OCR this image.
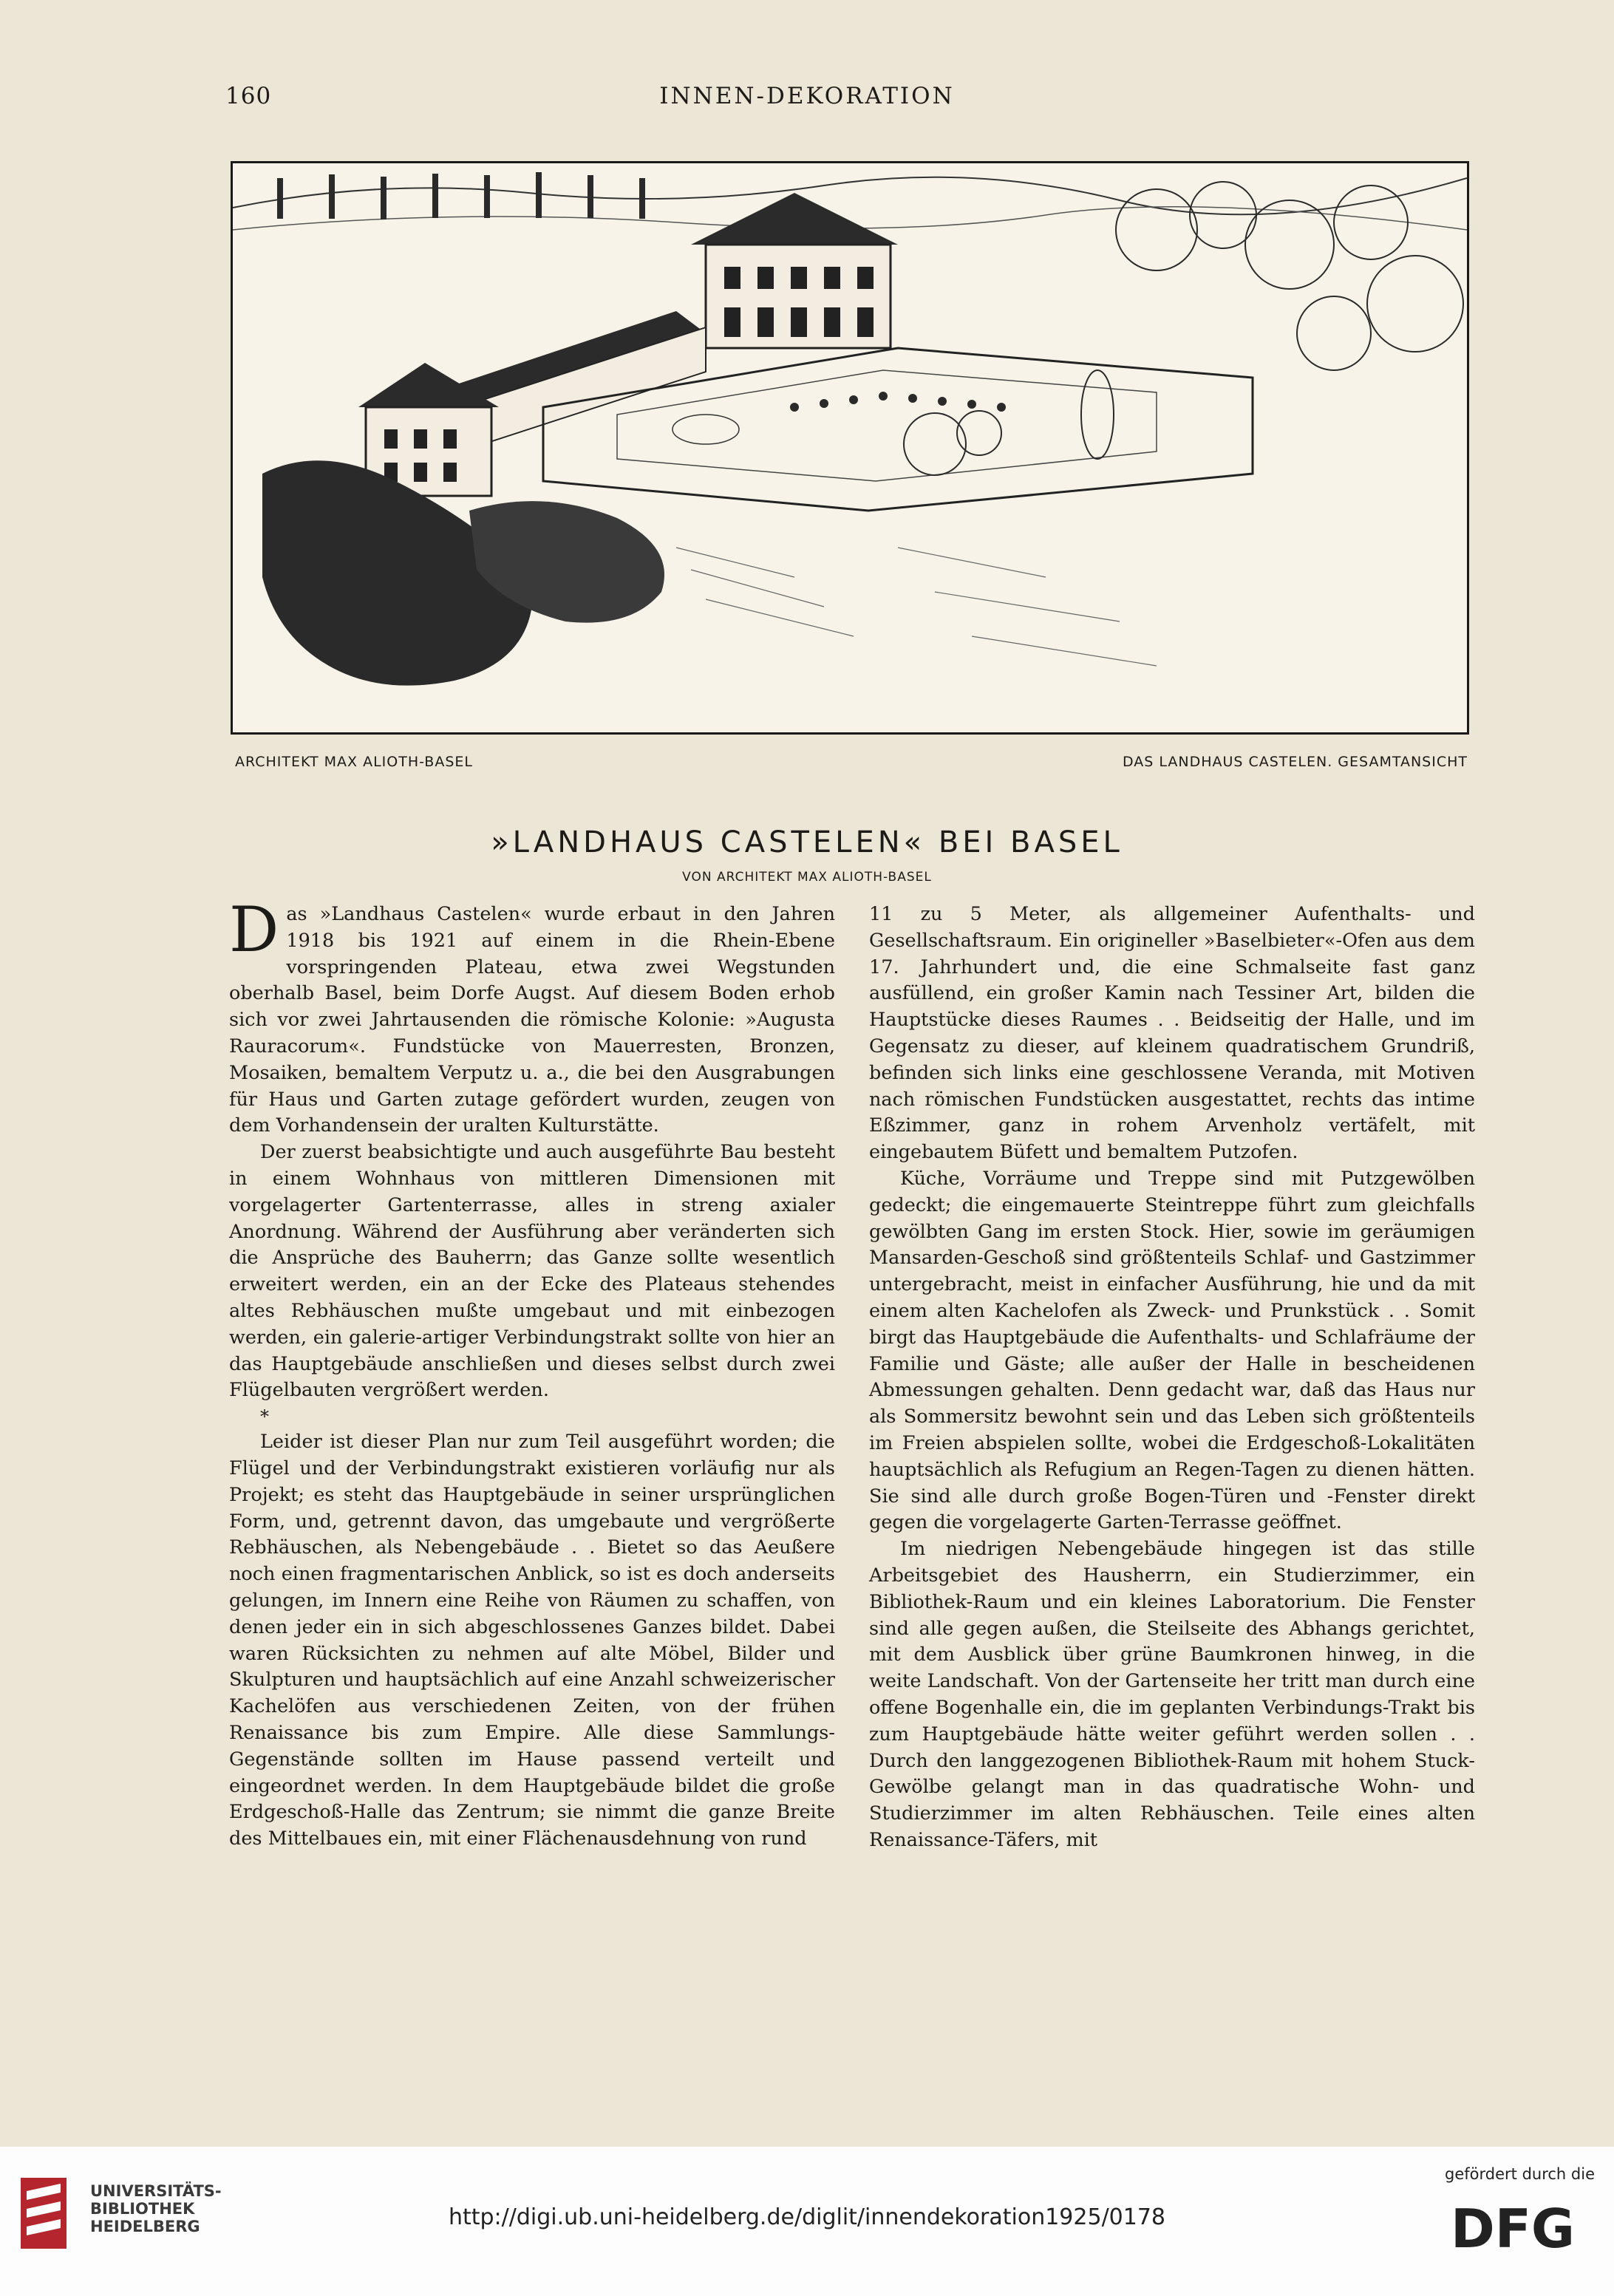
160	INNEN-DEKORATION
ARCHITEKT MAX ALIOTH-BASEL	DAS LANDHAUS CASTELEN. GESAMTANSICHT
»LANDHAUS CASTELEN« BEI BASEL
VON ARCHITEKT MAX ALIOTH-BASEL

Das »Landhaus Castelen« wurde erbaut in den Jahren 1918 bis 1921 auf einem in die Rhein-Ebene vorspringenden Plateau, etwa zwei Wegstunden oberhalb Basel, beim Dorfe Augst. Auf diesem Boden erhob sich vor zwei Jahrtausenden die römische Kolonie: »Augusta Rauracorum«. Fundstücke von Mauerresten, Bronzen, Mosaiken, bemaltem Verputz u. a., die bei den Ausgrabungen für Haus und Garten zutage gefördert wurden, zeugen von dem Vorhandensein der uralten Kulturstätte.

Der zuerst beabsichtigte und auch ausgeführte Bau besteht in einem Wohnhaus von mittleren Dimensionen mit vorgelagerter Gartenterrasse, alles in streng axialer Anordnung. Während der Ausführung aber veränderten sich die Ansprüche des Bauherrn; das Ganze sollte wesentlich erweitert werden, ein an der Ecke des Plateaus stehendes altes Rebhäuschen mußte umgebaut und mit einbezogen werden, ein galerie-artiger Verbindungstrakt sollte von hier an das Hauptgebäude anschließen und dieses selbst durch zwei Flügelbauten vergrößert werden.

*

Leider ist dieser Plan nur zum Teil ausgeführt worden; die Flügel und der Verbindungstrakt existieren vorläufig nur als Projekt; es steht das Hauptgebäude in seiner ursprünglichen Form, und, getrennt davon, das umgebaute und vergrößerte Rebhäuschen, als Nebengebäude . . Bietet so das Aeußere noch einen fragmentarischen Anblick, so ist es doch anderseits gelungen, im Innern eine Reihe von Räumen zu schaffen, von denen jeder ein in sich abgeschlossenes Ganzes bildet. Dabei waren Rücksichten zu nehmen auf alte Möbel, Bilder und Skulpturen und hauptsächlich auf eine Anzahl schweizerischer Kachelöfen aus verschiedenen Zeiten, von der frühen Renaissance bis zum Empire. Alle diese Sammlungs-Gegenstände sollten im Hause passend verteilt und eingeordnet werden. In dem Hauptgebäude bildet die große Erdgeschoß-Halle das Zentrum; sie nimmt die ganze Breite des Mittelbaues ein, mit einer Flächenausdehnung von rund

11 zu 5 Meter, als allgemeiner Aufenthalts- und Gesellschaftsraum. Ein origineller »Baselbieter«-Ofen aus dem 17. Jahrhundert und, die eine Schmalseite fast ganz ausfüllend, ein großer Kamin nach Tessiner Art, bilden die Hauptstücke dieses Raumes . . Beidseitig der Halle, und im Gegensatz zu dieser, auf kleinem quadratischem Grundriß, befinden sich links eine geschlossene Veranda, mit Motiven nach römischen Fundstücken ausgestattet, rechts das intime Eßzimmer, ganz in rohem Arvenholz vertäfelt, mit eingebautem Büfett und bemaltem Putzofen.

Küche, Vorräume und Treppe sind mit Putzgewölben gedeckt; die eingemauerte Steintreppe führt zum gleichfalls gewölbten Gang im ersten Stock. Hier, sowie im geräumigen Mansarden-Geschoß sind größtenteils Schlaf- und Gastzimmer untergebracht, meist in einfacher Ausführung, hie und da mit einem alten Kachelofen als Zweck- und Prunkstück . . Somit birgt das Hauptgebäude die Aufenthalts- und Schlafräume der Familie und Gäste; alle außer der Halle in bescheidenen Abmessungen gehalten. Denn gedacht war, daß das Haus nur als Sommersitz bewohnt sein und das Leben sich größtenteils im Freien abspielen sollte, wobei die Erdgeschoß-Lokalitäten hauptsächlich als Refugium an Regen-Tagen zu dienen hätten. Sie sind alle durch große Bogen-Türen und -Fenster direkt gegen die vorgelagerte Garten-Terrasse geöffnet.

Im niedrigen Nebengebäude hingegen ist das stille Arbeitsgebiet des Hausherrn, ein Studierzimmer, ein Bibliothek-Raum und ein kleines Laboratorium. Die Fenster sind alle gegen außen, die Steilseite des Abhangs gerichtet, mit dem Ausblick über grüne Baumkronen hinweg, in die weite Landschaft. Von der Gartenseite her tritt man durch eine offene Bogenhalle ein, die im geplanten Verbindungs-Trakt bis zum Hauptgebäude hätte weiter geführt werden sollen . . Durch den langgezogenen Bibliothek-Raum mit hohem Stuck-Gewölbe gelangt man in das quadratische Wohn- und Studierzimmer im alten Rebhäuschen. Teile eines alten Renaissance-Täfers, mit

UNIVERSITÄTS-
BIBLIOTHEK
HEIDELBERG	http://digi.ub.uni-heidelberg.de/diglit/innendekoration1925/0178
gefördert durch die
DFG
